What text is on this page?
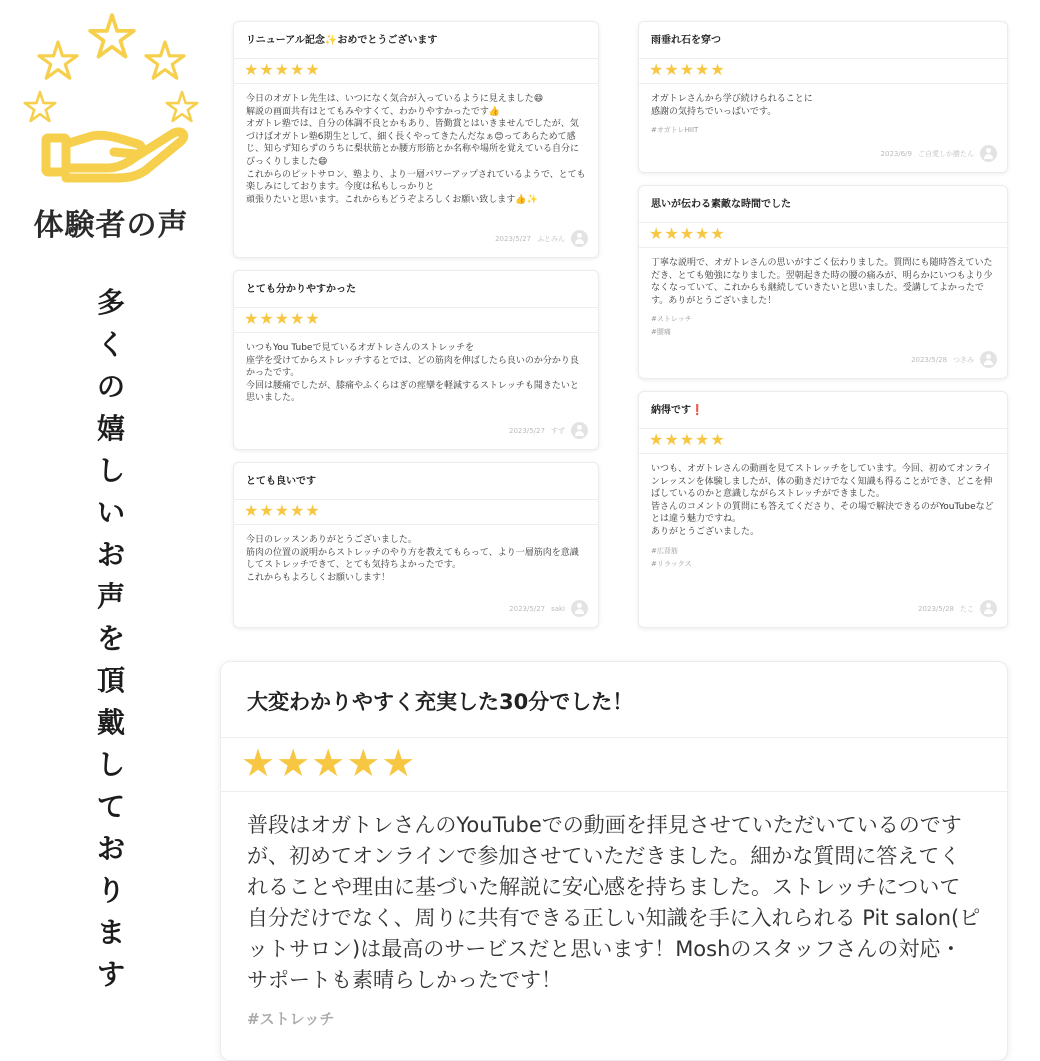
体験者の声
多くの嬉しいお声を頂戴しております
リニューアル記念✨おめでとうございます
★★★★★
今日のオガトレ先生は、いつになく気合が入っているように見えました😄
解説の画面共有はとてもみやすくて、わかりやすかったです👍
オガトレ塾では、自分の体調不良とかもあり、皆勤賞とはいきませんでしたが、気づけばオガトレ塾6期生として、細く長くやってきたんだなぁ😊ってあらためて感じ、知らず知らずのうちに梨状筋とか腰方形筋とか名称や場所を覚えている自分にびっくりしました😄
これからのピットサロン、塾より、より一層パワーアップされているようで、とても楽しみにしております。今度は私もしっかりと
頑張りたいと思います。これからもどうぞよろしくお願い致します👍✨
2023/5/27 ふとみん
とても分かりやすかった
★★★★★
いつもYou Tubeで見ているオガトレさんのストレッチを
座学を受けてからストレッチするとでは、どの筋肉を伸ばしたら良いのか分かり良かったです。
今回は腰痛でしたが、膝痛やふくらはぎの痙攣を軽減するストレッチも聞きたいと思いました。
2023/5/27 すず
とても良いです
★★★★★
今日のレッスンありがとうございました。
筋肉の位置の説明からストレッチのやり方を教えてもらって、より一層筋肉を意識してストレッチできて、とても気持ちよかったです。
これからもよろしくお願いします！
2023/5/27 saki
雨垂れ石を穿つ
★★★★★
オガトレさんから学び続けられることに
感謝の気持ちでいっぱいです。
#オガトレHIIT
2023/6/9 ご自愛しか勝たん
思いが伝わる素敵な時間でした
★★★★★
丁寧な説明で、オガトレさんの思いがすごく伝わりました。質問にも随時答えていただき、とても勉強になりました。翌朝起きた時の腰の痛みが、明らかにいつもより少なくなっていて、これからも継続していきたいと思いました。受講してよかったです。ありがとうございました！
#ストレッチ
#腰痛
2023/5/28 つきみ
納得です❗
★★★★★
いつも、オガトレさんの動画を見てストレッチをしています。今回、初めてオンラインレッスンを体験しましたが、体の動きだけでなく知識も得ることができ、どこを伸ばしているのかと意識しながらストレッチができました。
皆さんのコメントの質問にも答えてくださり、その場で解決できるのがYouTubeなどとは違う魅力ですね。
ありがとうございました。
#広背筋
#リラックス
2023/5/28 たこ
大変わかりやすく充実した30分でした！
★★★★★
普段はオガトレさんのYouTubeでの動画を拝見させていただいているのですが、初めてオンラインで参加させていただきました。細かな質問に答えてくれることや理由に基づいた解説に安心感を持ちました。ストレッチについて自分だけでなく、周りに共有できる正しい知識を手に入れられる Pit salon(ピットサロン)は最高のサービスだと思います！Moshのスタッフさんの対応・サポートも素晴らしかったです！
#ストレッチ
